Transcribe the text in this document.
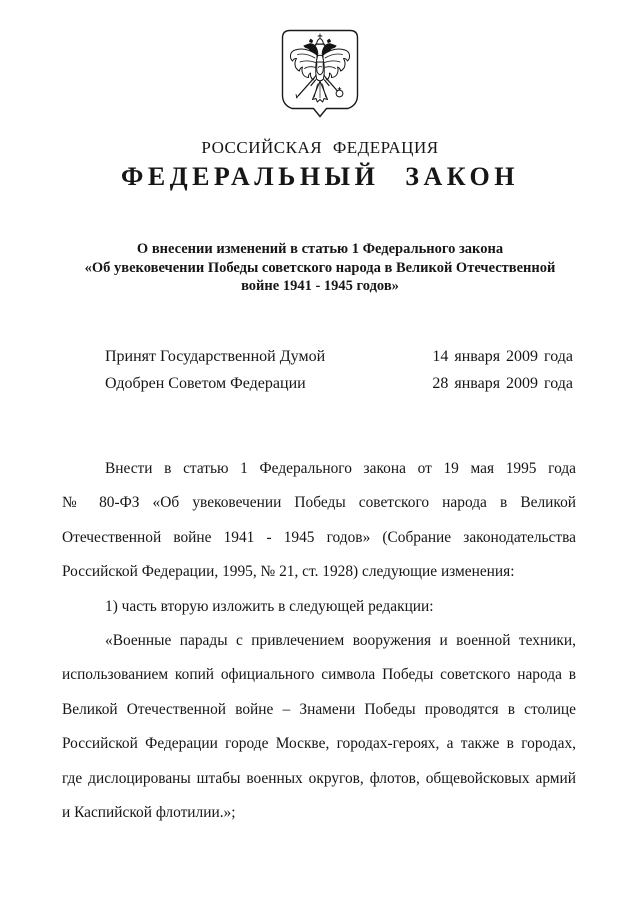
РОССИЙСКАЯ ФЕДЕРАЦИЯ
ФЕДЕРАЛЬНЫЙ ЗАКОН
О внесении изменений в статью 1 Федерального закона
«Об увековечении Победы советского народа в Великой Отечественной
войне 1941 - 1945 годов»
Принят Государственной Думой	14 января 2009 года
Одобрен Советом Федерации	28 января 2009 года
Внести в статью 1 Федерального закона от 19 мая 1995 года
№ 80-ФЗ «Об увековечении Победы советского народа в Великой
Отечественной войне 1941 - 1945 годов» (Собрание законодательства
Российской Федерации, 1995, № 21, ст. 1928) следующие изменения:
1) часть вторую изложить в следующей редакции:
«Военные парады с привлечением вооружения и военной техники,
использованием копий официального символа Победы советского народа в
Великой Отечественной войне – Знамени Победы проводятся в столице
Российской Федерации городе Москве, городах-героях, а также в городах,
где дислоцированы штабы военных округов, флотов, общевойсковых армий
и Каспийской флотилии.»;
